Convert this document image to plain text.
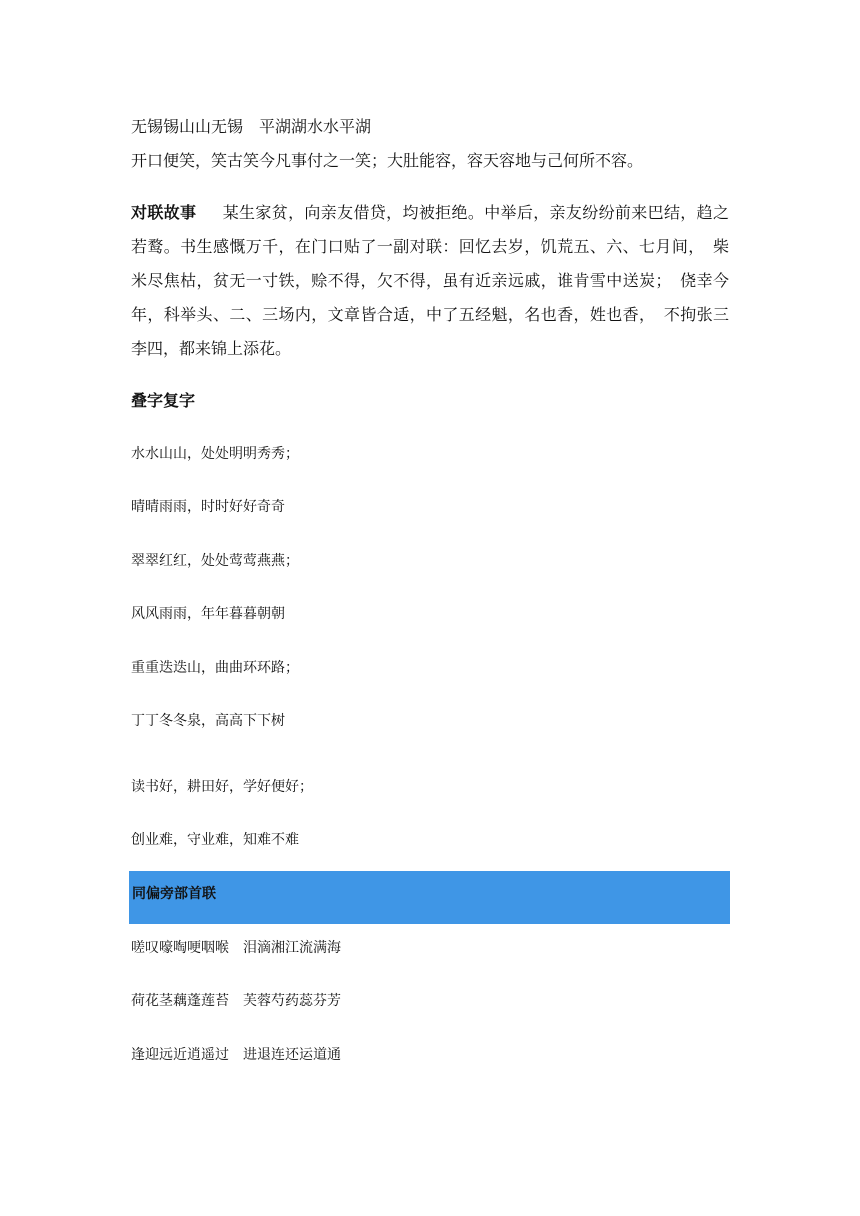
无锡锡山山无锡　平湖湖水水平湖
开口便笑，笑古笑今凡事付之一笑；大肚能容，容天容地与己何所不容。
对联故事 某生家贫，向亲友借贷，均被拒绝。中举后，亲友纷纷前来巴结，趋之若鹜。书生感慨万千，在门口贴了一副对联：回忆去岁，饥荒五、六、七月间，　柴米尽焦枯，贫无一寸铁，赊不得，欠不得，虽有近亲远戚，谁肯雪中送炭；　侥幸今年，科举头、二、三场内，文章皆合适，中了五经魁，名也香，姓也香，　不拘张三李四，都来锦上添花。
叠字复字
水水山山，处处明明秀秀；
晴晴雨雨，时时好好奇奇
翠翠红红，处处莺莺燕燕；
风风雨雨，年年暮暮朝朝
重重迭迭山，曲曲环环路；
丁丁冬冬泉，高高下下树
读书好，耕田好，学好便好；
创业难，守业难，知难不难
同偏旁部首联
嗟叹嚎啕哽咽喉　泪滴湘江流满海
荷花茎藕蓬莲苔　芙蓉芍药蕊芬芳
逢迎远近逍遥过　进退连还运道通
